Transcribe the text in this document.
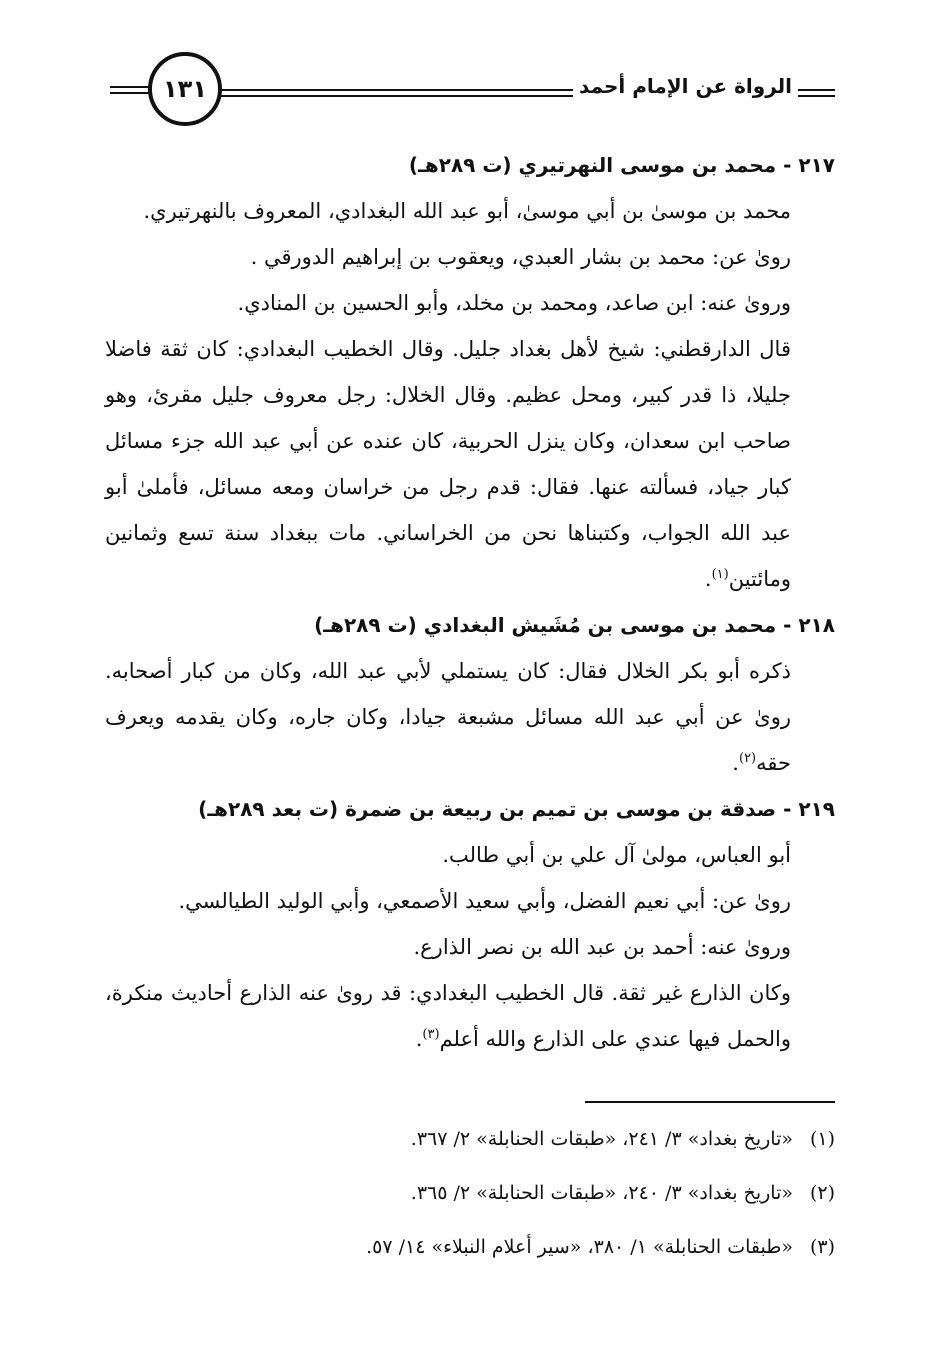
١٣١	الرواة عن الإمام أحمد
٢١٧ - محمد بن موسى النهرتيري (ت ٢٨٩هـ)

محمد بن موسىٰ بن أبي موسىٰ، أبو عبد الله البغدادي، المعروف بالنهرتيري.

روىٰ عن: محمد بن بشار العبدي، ويعقوب بن إبراهيم الدورقي .

وروىٰ عنه: ابن صاعد، ومحمد بن مخلد، وأبو الحسين بن المنادي.

قال الدارقطني: شيخ لأهل بغداد جليل. وقال الخطيب البغدادي: كان ثقة فاضلا جليلا، ذا قدر كبير، ومحل عظيم. وقال الخلال: رجل معروف جليل مقرئ، وهو صاحب ابن سعدان، وكان ينزل الحربية، كان عنده عن أبي عبد الله جزء مسائل كبار جياد، فسألته عنها. فقال: قدم رجل من خراسان ومعه مسائل، فأملىٰ أبو عبد الله الجواب، وكتبناها نحن من الخراساني. مات ببغداد سنة تسع وثمانين ومائتين$^{(١)}$.

٢١٨ - محمد بن موسى بن مُشَيش البغدادي (ت ٢٨٩هـ)

ذكره أبو بكر الخلال فقال: كان يستملي لأبي عبد الله، وكان من كبار أصحابه. روىٰ عن أبي عبد الله مسائل مشبعة جيادا، وكان جاره، وكان يقدمه ويعرف حقه$^{(٢)}$.

٢١٩ - صدقة بن موسى بن تميم بن ربيعة بن ضمرة (ت بعد ٢٨٩هـ)

أبو العباس، مولىٰ آل علي بن أبي طالب.

روىٰ عن: أبي نعيم الفضل، وأبي سعيد الأصمعي، وأبي الوليد الطيالسي.

وروىٰ عنه: أحمد بن عبد الله بن نصر الذارع.

وكان الذارع غير ثقة. قال الخطيب البغدادي: قد روىٰ عنه الذارع أحاديث منكرة، والحمل فيها عندي على الذارع والله أعلم$^{(٣)}$.

(١)«تاريخ بغداد» ٣/ ٢٤١، «طبقات الحنابلة» ٢/ ٣٦٧.

(٢)«تاريخ بغداد» ٣/ ٢٤٠، «طبقات الحنابلة» ٢/ ٣٦٥.

(٣)«طبقات الحنابلة» ١/ ٣٨٠، «سير أعلام النبلاء» ١٤/ ٥٧.
